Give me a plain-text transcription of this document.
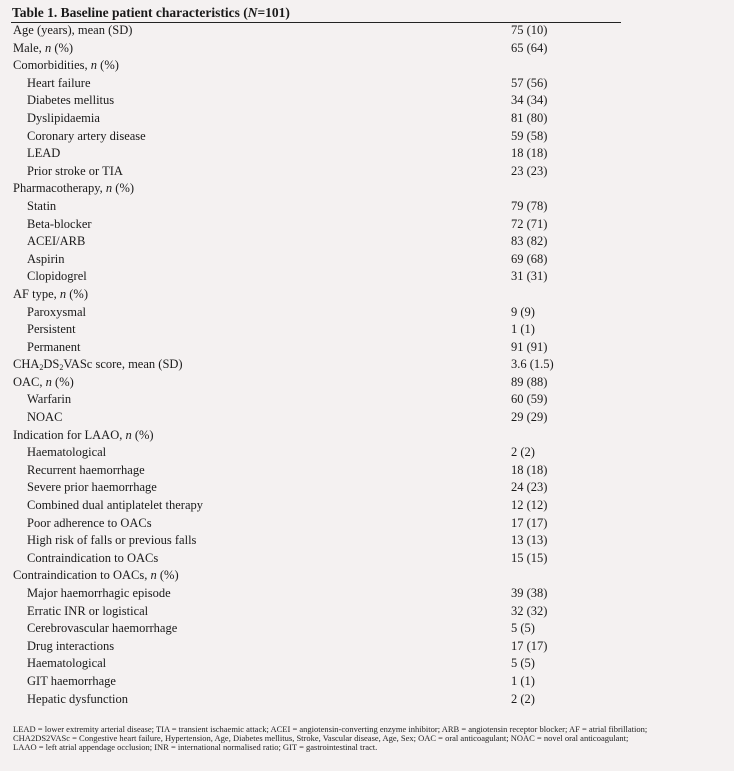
Table 1. Baseline patient characteristics (N=101)
Age (years), mean (SD)	75 (10)
Male, n (%)	65 (64)
Comorbidities, n (%)
Heart failure	57 (56)
Diabetes mellitus	34 (34)
Dyslipidaemia	81 (80)
Coronary artery disease	59 (58)
LEAD	18 (18)
Prior stroke or TIA	23 (23)
Pharmacotherapy, n (%)
Statin	79 (78)
Beta-blocker	72 (71)
ACEI/ARB	83 (82)
Aspirin	69 (68)
Clopidogrel	31 (31)
AF type, n (%)
Paroxysmal	9 (9)
Persistent	1 (1)
Permanent	91 (91)
$CHA_2DS_2VASc$ score, mean (SD)	3.6 (1.5)
OAC, n (%)	89 (88)
Warfarin	60 (59)
NOAC	29 (29)
Indication for LAAO, n (%)
Haematological	2 (2)
Recurrent haemorrhage	18 (18)
Severe prior haemorrhage	24 (23)
Combined dual antiplatelet therapy	12 (12)
Poor adherence to OACs	17 (17)
High risk of falls or previous falls	13 (13)
Contraindication to OACs	15 (15)
Contraindication to OACs, n (%)
Major haemorrhagic episode	39 (38)
Erratic INR or logistical	32 (32)
Cerebrovascular haemorrhage	5 (5)
Drug interactions	17 (17)
Haematological	5 (5)
GIT haemorrhage	1 (1)
Hepatic dysfunction	2 (2)

LEAD = lower extremity arterial disease; TIA = transient ischaemic attack; ACEI = angiotensin-converting enzyme inhibitor; ARB = angiotensin receptor blocker; AF = atrial fibrillation;

CHA2DS2VASc = Congestive heart failure, Hypertension, Age, Diabetes mellitus, Stroke, Vascular disease, Age, Sex; OAC = oral anticoagulant; NOAC = novel oral anticoagulant;

LAAO = left atrial appendage occlusion; INR = international normalised ratio; GIT = gastrointestinal tract.
